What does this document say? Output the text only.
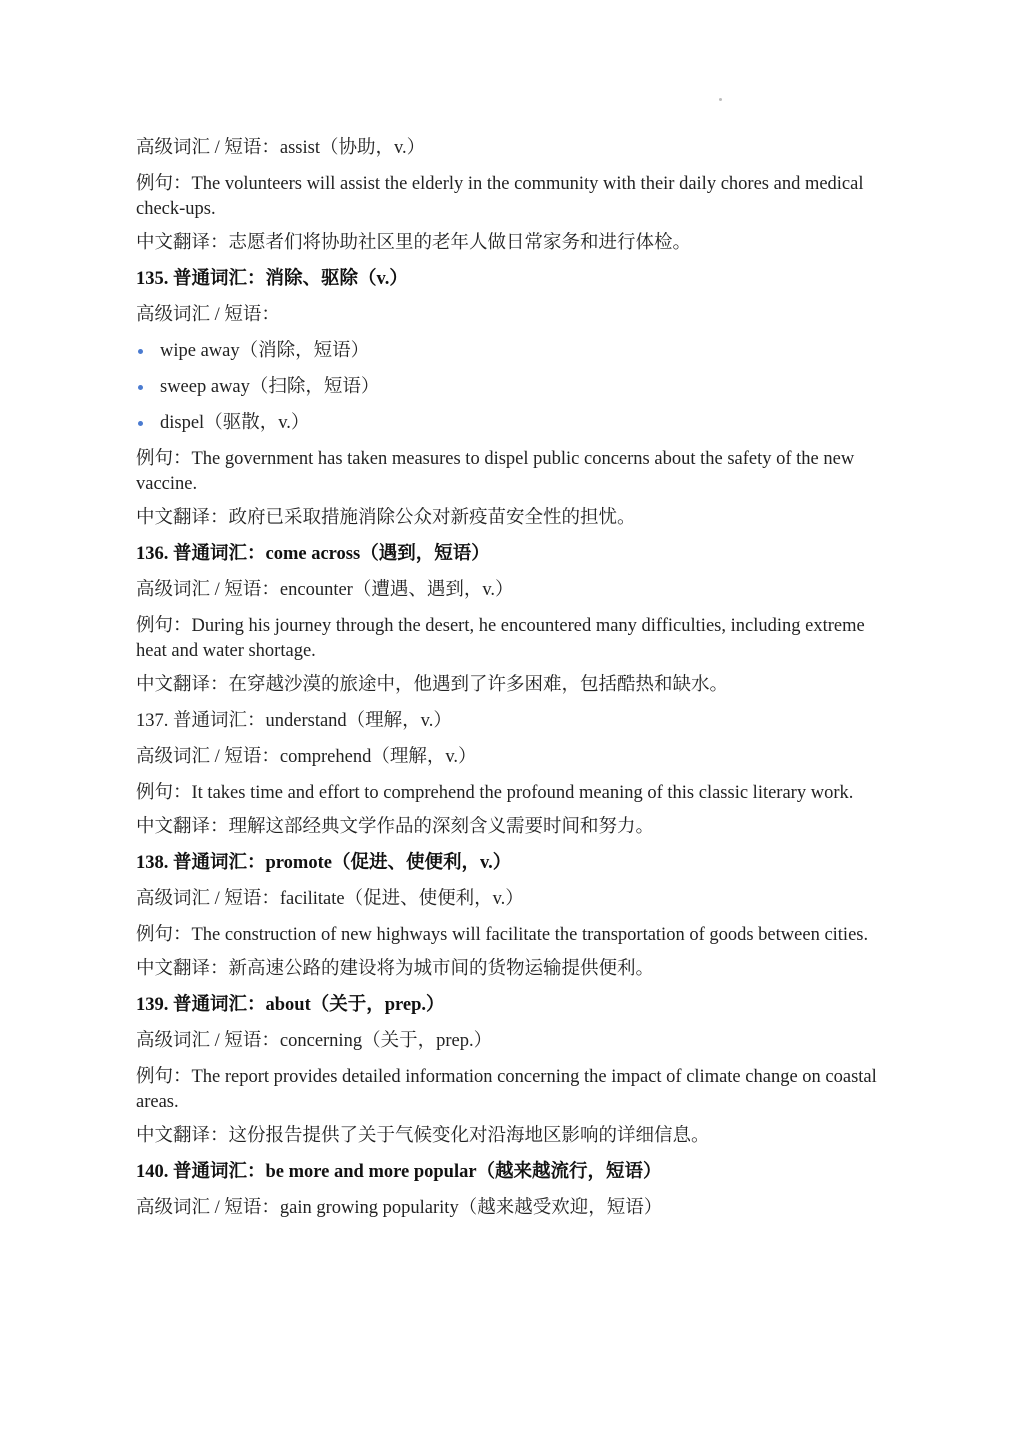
高级词汇 / 短语：assist（协助，v.）
例句：The volunteers will assist the elderly in the community with their daily chores and medical check-ups.
中文翻译：志愿者们将协助社区里的老年人做日常家务和进行体检。
135. 普通词汇：消除、驱除（v.）
高级词汇 / 短语：
wipe away（消除，短语）
sweep away（扫除，短语）
dispel（驱散，v.）
例句：The government has taken measures to dispel public concerns about the safety of the new vaccine.
中文翻译：政府已采取措施消除公众对新疫苗安全性的担忧。
136. 普通词汇：come across（遇到，短语）
高级词汇 / 短语：encounter（遭遇、遇到，v.）
例句：During his journey through the desert, he encountered many difficulties, including extreme heat and water shortage.
中文翻译：在穿越沙漠的旅途中，他遇到了许多困难，包括酷热和缺水。
137. 普通词汇：understand（理解，v.）
高级词汇 / 短语：comprehend（理解，v.）
例句：It takes time and effort to comprehend the profound meaning of this classic literary work.
中文翻译：理解这部经典文学作品的深刻含义需要时间和努力。
138. 普通词汇：promote（促进、使便利，v.）
高级词汇 / 短语：facilitate（促进、使便利，v.）
例句：The construction of new highways will facilitate the transportation of goods between cities.
中文翻译：新高速公路的建设将为城市间的货物运输提供便利。
139. 普通词汇：about（关于，prep.）
高级词汇 / 短语：concerning（关于，prep.）
例句：The report provides detailed information concerning the impact of climate change on coastal areas.
中文翻译：这份报告提供了关于气候变化对沿海地区影响的详细信息。
140. 普通词汇：be more and more popular（越来越流行，短语）
高级词汇 / 短语：gain growing popularity（越来越受欢迎，短语）
